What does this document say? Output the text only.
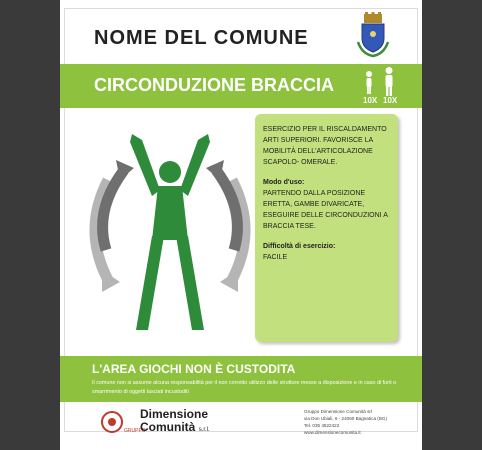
NOME DEL COMUNE
CIRCONDUZIONE BRACCIA
10X 10X

ESERCIZIO PER IL RISCALDAMENTO ARTI SUPERIORI. FAVORISCE LA MOBILITÀ DELL'ARTICOLAZIONE SCAPOLO- OMERALE.

Modo d'uso:

PARTENDO DALLA POSIZIONE ERETTA, GAMBE DIVARICATE, ESEGUIRE DELLE CIRCONDUZIONI A BRACCIA TESE.

Difficoltà di esercizio:

FACILE

L'AREA GIOCHI NON È CUSTODITA
Il comune non si assume alcuna responsabilità per il non corretto utilizzo delle strutture messe a disposizione e in caso di furti o smarrimento di oggetti lasciati incustoditi
GRUPPO
Dimensione
Comunità s.r.l.
Gruppo Dimensione Comunità srl
via Don Ubiali, 6 - 24060 Bagnatica (BG)
Tel. 035 4522422
www.dimensionecomunita.it
